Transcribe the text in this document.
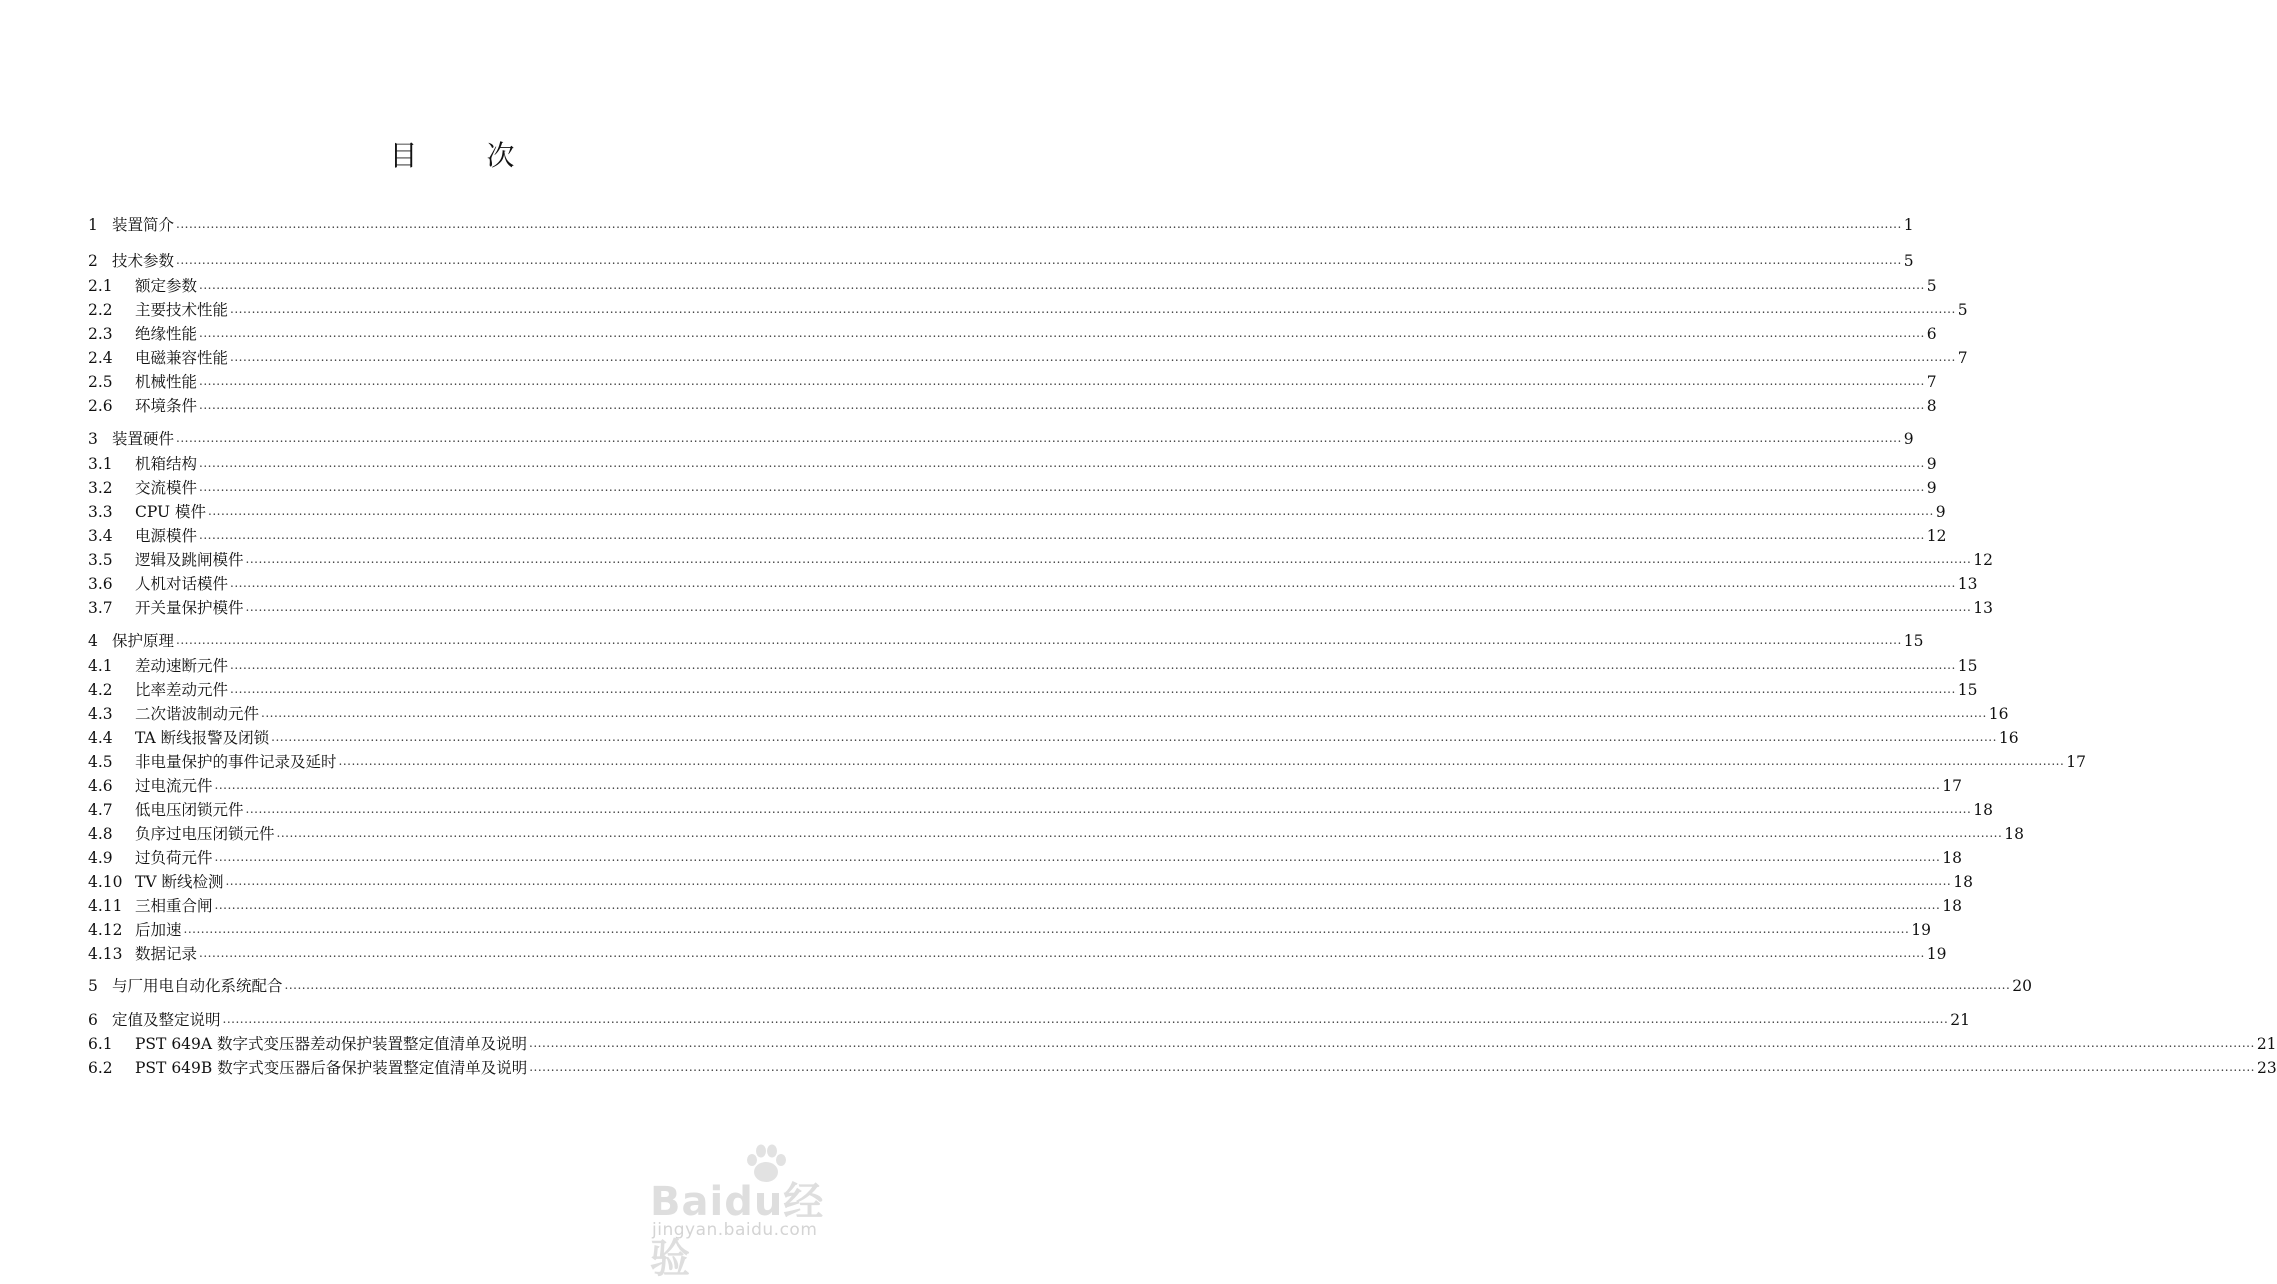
目 次
1 装置简介 ................................................................................................................................................................................................................................................................................................................................................................................................................ 1
2 技术参数 ................................................................................................................................................................................................................................................................................................................................................................................................................ 5
2.1	额定参数 ................................................................................................................................................................................................................................................................................................................................................................................................................ 5
2.2	主要技术性能 ................................................................................................................................................................................................................................................................................................................................................................................................................ 5
2.3	绝缘性能 ................................................................................................................................................................................................................................................................................................................................................................................................................ 6
2.4	电磁兼容性能 ................................................................................................................................................................................................................................................................................................................................................................................................................ 7
2.5	机械性能 ................................................................................................................................................................................................................................................................................................................................................................................................................ 7
2.6	环境条件 ................................................................................................................................................................................................................................................................................................................................................................................................................ 8
3 装置硬件 ................................................................................................................................................................................................................................................................................................................................................................................................................ 9
3.1	机箱结构 ................................................................................................................................................................................................................................................................................................................................................................................................................ 9
3.2	交流模件 ................................................................................................................................................................................................................................................................................................................................................................................................................ 9
3.3	CPU 模件 ................................................................................................................................................................................................................................................................................................................................................................................................................ 9
3.4	电源模件 ................................................................................................................................................................................................................................................................................................................................................................................................................ 12
3.5	逻辑及跳闸模件 ................................................................................................................................................................................................................................................................................................................................................................................................................ 12
3.6	人机对话模件 ................................................................................................................................................................................................................................................................................................................................................................................................................ 13
3.7	开关量保护模件 ................................................................................................................................................................................................................................................................................................................................................................................................................ 13
4 保护原理 ................................................................................................................................................................................................................................................................................................................................................................................................................ 15
4.1	差动速断元件 ................................................................................................................................................................................................................................................................................................................................................................................................................ 15
4.2	比率差动元件 ................................................................................................................................................................................................................................................................................................................................................................................................................ 15
4.3	二次谐波制动元件 ................................................................................................................................................................................................................................................................................................................................................................................................................ 16
4.4	TA 断线报警及闭锁 ................................................................................................................................................................................................................................................................................................................................................................................................................ 16
4.5	非电量保护的事件记录及延时 ................................................................................................................................................................................................................................................................................................................................................................................................................ 17
4.6	过电流元件 ................................................................................................................................................................................................................................................................................................................................................................................................................ 17
4.7	低电压闭锁元件 ................................................................................................................................................................................................................................................................................................................................................................................................................ 18
4.8	负序过电压闭锁元件 ................................................................................................................................................................................................................................................................................................................................................................................................................ 18
4.9	过负荷元件 ................................................................................................................................................................................................................................................................................................................................................................................................................ 18
4.10 TV 断线检测 ................................................................................................................................................................................................................................................................................................................................................................................................................ 18
4.11 三相重合闸 ................................................................................................................................................................................................................................................................................................................................................................................................................ 18
4.12 后加速 ................................................................................................................................................................................................................................................................................................................................................................................................................ 19
4.13 数据记录 ................................................................................................................................................................................................................................................................................................................................................................................................................ 19
5 与厂用电自动化系统配合 ................................................................................................................................................................................................................................................................................................................................................................................................................ 20
6 定值及整定说明 ................................................................................................................................................................................................................................................................................................................................................................................................................ 21
6.1	PST 649A 数字式变压器差动保护装置整定值清单及说明 ................................................................................................................................................................................................................................................................................................................................................................................................................ 21
6.2	PST 649B 数字式变压器后备保护装置整定值清单及说明 ................................................................................................................................................................................................................................................................................................................................................................................................................ 23
Baidu经验
jingyan.baidu.com
